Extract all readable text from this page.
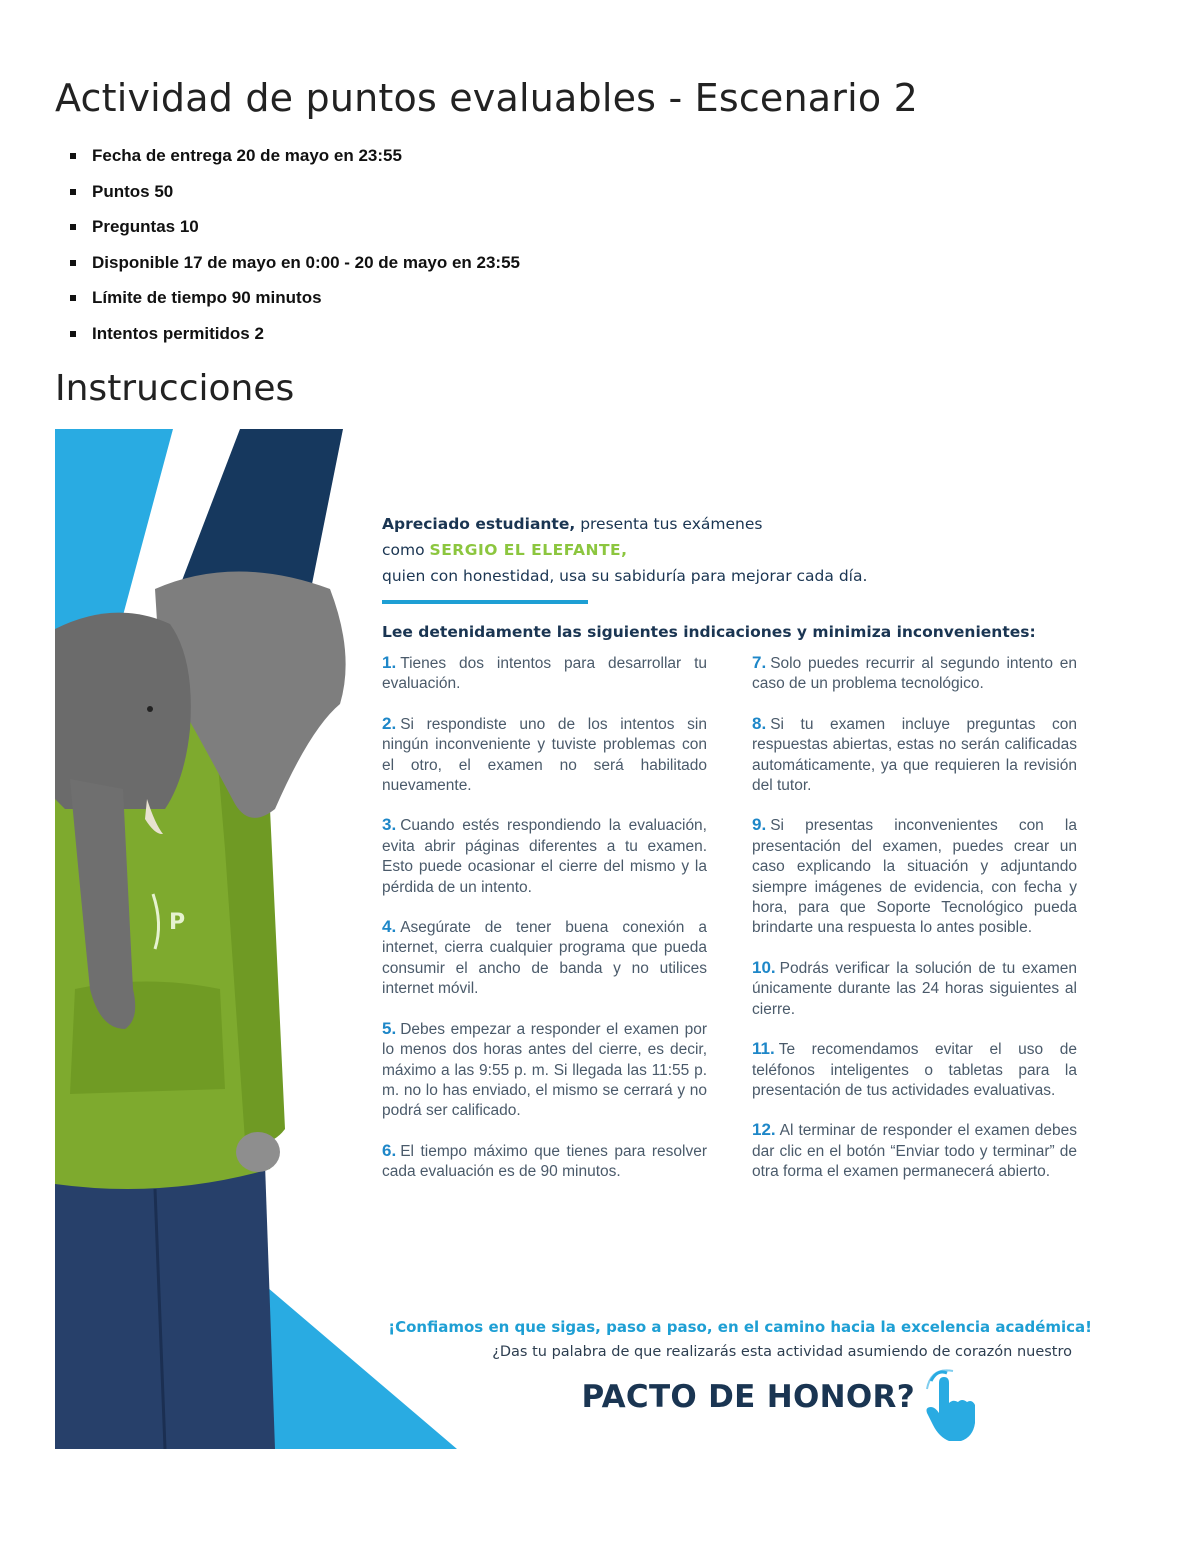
Actividad de puntos evaluables - Escenario 2
Fecha de entrega 20 de mayo en 23:55
Puntos 50
Preguntas 10
Disponible 17 de mayo en 0:00 - 20 de mayo en 23:55
Límite de tiempo 90 minutos
Intentos permitidos 2
Instrucciones
P
Apreciado estudiante, presenta tus exámenes
como SERGIO EL ELEFANTE,
quien con honestidad, usa su sabiduría para mejorar cada día.
Lee detenidamente las siguientes indicaciones y minimiza inconvenientes:

1. Tienes dos intentos para desarrollar tu evaluación.

2. Si respondiste uno de los intentos sin ningún inconveniente y tuviste problemas con el otro, el examen no será habilitado nuevamente.

3. Cuando estés respondiendo la evaluación, evita abrir páginas diferentes a tu examen. Esto puede ocasionar el cierre del mismo y la pérdida de un intento.

4. Asegúrate de tener buena conexión a internet, cierra cualquier programa que pueda consumir el ancho de banda y no utilices internet móvil.

5. Debes empezar a responder el examen por lo menos dos horas antes del cierre, es decir, máximo a las 9:55 p. m. Si llegada las 11:55 p. m. no lo has enviado, el mismo se cerrará y no podrá ser calificado.

6. El tiempo máximo que tienes para resolver cada evaluación es de 90 minutos.

7. Solo puedes recurrir al segundo intento en caso de un problema tecnológico.

8. Si tu examen incluye preguntas con respuestas abiertas, estas no serán calificadas automáticamente, ya que requieren la revisión del tutor.

9. Si presentas inconvenientes con la presentación del examen, puedes crear un caso explicando la situación y adjuntando siempre imágenes de evidencia, con fecha y hora, para que Soporte Tecnológico pueda brindarte una respuesta lo antes posible.

10. Podrás verificar la solución de tu examen únicamente durante las 24 horas siguientes al cierre.

11. Te recomendamos evitar el uso de teléfonos inteligentes o tabletas para la presentación de tus actividades evaluativas.

12. Al terminar de responder el examen debes dar clic en el botón “Enviar todo y terminar” de otra forma el examen permanecerá abierto.

¡Confiamos en que sigas, paso a paso, en el camino hacia la excelencia académica!
¿Das tu palabra de que realizarás esta actividad asumiendo de corazón nuestro
PACTO DE HONOR?
